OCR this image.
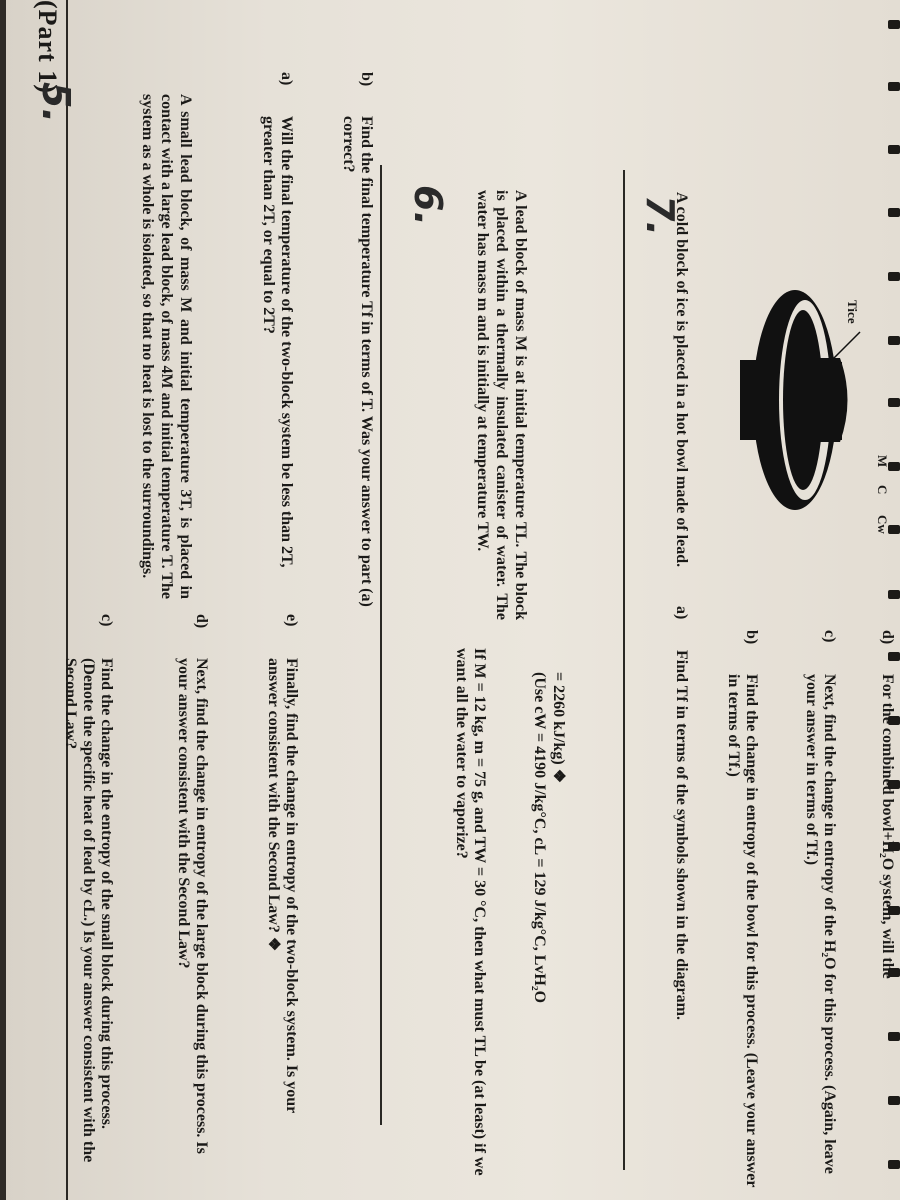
(Part 1)
5.	A small lead block, of mass M and initial temperature 3T, is placed in contact with a large lead block, of mass 4M and initial temperature T. The system as a whole is isolated, so that no heat is lost to the surroundings.
a)Will the final temperature of the two-block system be less than 2T, greater than 2T, or equal to 2T?
b)Find the final temperature Tf in terms of T. Was your answer to part (a) correct?
c)Find the change in the entropy of the small block during this process. (Denote the specific heat of lead by cL.) Is your answer consistent with the Second Law?
d)Next, find the change in entropy of the large block during this process. Is your answer consistent with the Second Law?
e)Finally, find the change in entropy of the two-block system. Is your answer consistent with the Second Law? ❖
6.	A lead block of mass M is at initial temperature TL. The block is placed within a thermally insulated canister of water. The water has mass m and is initially at temperature TW.
If M = 12 kg, m = 75 g, and TW = 30 °C, then what must TL be (at least) if we want all the water to vaporize?	(Use cW = 4190 J/kg°C, cL = 129 J/kg°C, LvH₂O = 2260 kJ/kg) ❖
7.
A cold block of ice is placed in a hot bowl made of lead.
a)Find Tf in terms of the symbols shown in the diagram.
b)Find the change in entropy of the bowl for this process. (Leave your answer in terms of Tf.)
c)Next, find the change in entropy of the H₂O for this process. (Again, leave your answer in terms of Tf.)
d)For the combined bowl+H₂O system, will the
Tice
M
C
Cw
